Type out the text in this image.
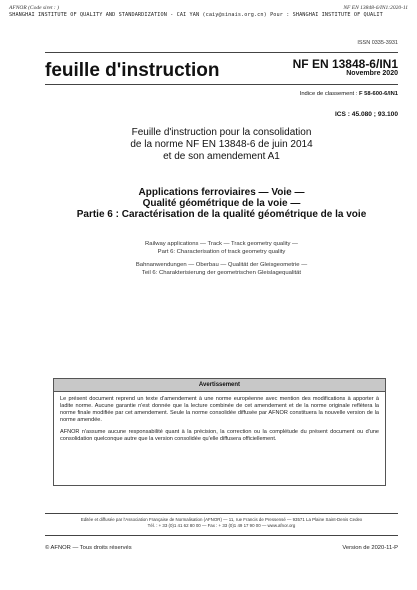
AFNOR (Code siret : )	NF EN 13848-6/IN1:2020-11
SHANGHAI INSTITUTE OF QUALITY AND STANDARDIZATION - CAI YAN (caiy@sinais.org.cn) Pour : SHANGHAI INSTITUTE OF QUALIT
ISSN 0335-3931
feuille d'instruction	NF EN 13848-6/IN1
Novembre 2020
Indice de classement : F 58-600-6/IN1
ICS : 45.080 ; 93.100
Feuille d'instruction pour la consolidation
de la norme NF EN 13848-6 de juin 2014
et de son amendement A1
Applications ferroviaires — Voie —
Qualité géométrique de la voie —
Partie 6 : Caractérisation de la qualité géométrique de la voie
Railway applications — Track — Track geometry quality —
Part 6: Characterisation of track geometry quality
Bahnanwendungen — Oberbau — Qualität der Gleisgeometrie —
Teil 6: Charakterisierung der geometrischen Gleislagequalität
Avertissement

Le présent document reprend un texte d'amendement à une norme européenne avec mention des modifications à apporter à ladite norme. Aucune garantie n'est donnée que la lecture combinée de cet amendement et de la norme originale reflètera la norme finale modifiée par cet amendement. Seule la norme consolidée diffusée par AFNOR constituera la nouvelle version de la norme amendée.

AFNOR n'assume aucune responsabilité quant à la précision, la correction ou la complétude du présent document ou d'une consolidation quelconque autre que la version consolidée qu'elle diffusera officiellement.

Editée et diffusée par l'Association Française de Normalisation (AFNOR) — 11, rue Francis de Pressensé — 93571 La Plaine Saint-Denis Cedex
Tél. : + 33 (0)1 41 62 80 00 — Fax : + 33 (0)1 49 17 90 00 — www.afnor.org
© AFNOR — Tous droits réservés	Version de 2020-11-P
